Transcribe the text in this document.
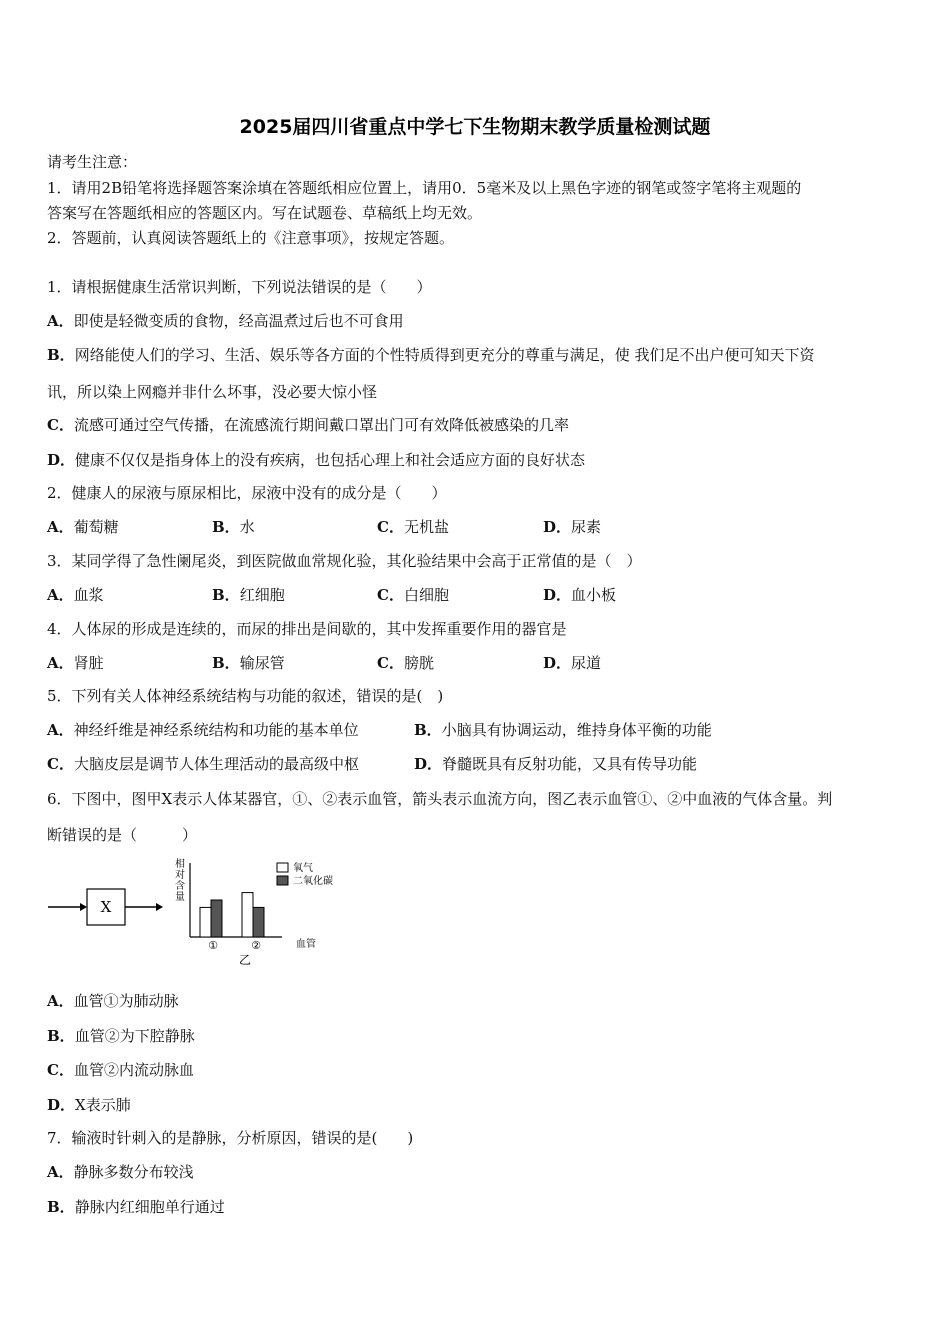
2025届四川省重点中学七下生物期末教学质量检测试题
请考生注意：
1．请用2B铅笔将选择题答案涂填在答题纸相应位置上，请用0．5毫米及以上黑色字迹的钢笔或签字笔将主观题的
答案写在答题纸相应的答题区内。写在试题卷、草稿纸上均无效。
2．答题前，认真阅读答题纸上的《注意事项》，按规定答题。
1．请根据健康生活常识判断，下列说法错误的是（　　）
A．即使是轻微变质的食物，经高温煮过后也不可食用
B．网络能使人们的学习、生活、娱乐等各方面的个性特质得到更充分的尊重与满足，使 我们足不出户便可知天下资
讯，所以染上网瘾并非什么坏事，没必要大惊小怪
C．流感可通过空气传播，在流感流行期间戴口罩出门可有效降低被感染的几率
D．健康不仅仅是指身体上的没有疾病，也包括心理上和社会适应方面的良好状态
2．健康人的尿液与原尿相比，尿液中没有的成分是（　　）
A．葡萄糖	B．水	C．无机盐	D．尿素
3．某同学得了急性阑尾炎，到医院做血常规化验，其化验结果中会高于正常值的是（　）
A．血浆	B．红细胞	C．白细胞	D．血小板
4．人体尿的形成是连续的，而尿的排出是间歇的，其中发挥重要作用的器官是
A．肾脏	B．输尿管	C．膀胱	D．尿道
5．下列有关人体神经系统结构与功能的叙述，错误的是(　)
A．神经纤维是神经系统结构和功能的基本单位	B．小脑具有协调运动，维持身体平衡的功能
C．大脑皮层是调节人体生理活动的最高级中枢	D．脊髓既具有反射功能，又具有传导功能
6．下图中，图甲X表示人体某器官，①、②表示血管，箭头表示血流方向，图乙表示血管①、②中血液的气体含量。判
断错误的是（　　　）
X
相
对
含
量
①	②	血管
乙
氧气
二氧化碳
A．血管①为肺动脉
B．血管②为下腔静脉
C．血管②内流动脉血
D．X表示肺
7．输液时针刺入的是静脉，分析原因，错误的是(　　)
A．静脉多数分布较浅
B．静脉内红细胞单行通过
